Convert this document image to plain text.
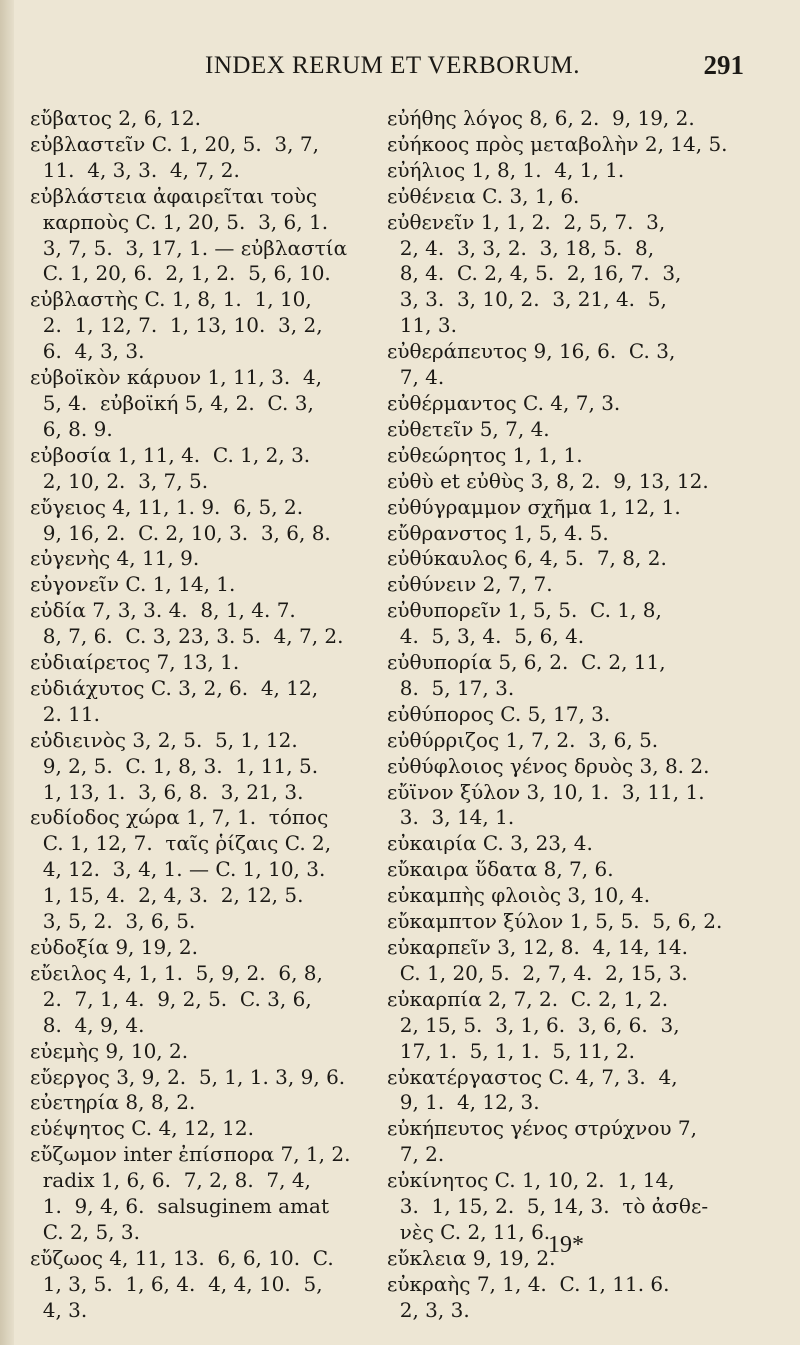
INDEX RERUM ET VERBORUM.	291
εὔβατος 2, 6, 12.
εὐβλαστεῖν C. 1, 20, 5.  3, 7,
11.  4, 3, 3.  4, 7, 2.
εὐβλάστεια ἀφαιρεῖται τοὺς
καρποὺς C. 1, 20, 5.  3, 6, 1.
3, 7, 5.  3, 17, 1. — εὐβλαστία
C. 1, 20, 6.  2, 1, 2.  5, 6, 10.
εὐβλαστὴς C. 1, 8, 1.  1, 10,
2.  1, 12, 7.  1, 13, 10.  3, 2,
6.  4, 3, 3.
εὐβοϊκὸν κάρυον 1, 11, 3.  4,
5, 4.  εὐβοϊκή 5, 4, 2.  C. 3,
6, 8. 9.
εὐβοσία 1, 11, 4.  C. 1, 2, 3.
2, 10, 2.  3, 7, 5.
εὔγειος 4, 11, 1. 9.  6, 5, 2.
9, 16, 2.  C. 2, 10, 3.  3, 6, 8.
εὐγενὴς 4, 11, 9.
εὐγονεῖν C. 1, 14, 1.
εὐδία 7, 3, 3. 4.  8, 1, 4. 7.
8, 7, 6.  C. 3, 23, 3. 5.  4, 7, 2.
εὐδιαίρετος 7, 13, 1.
εὐδιάχυτος C. 3, 2, 6.  4, 12,
2. 11.
εὐδιεινὸς 3, 2, 5.  5, 1, 12.
9, 2, 5.  C. 1, 8, 3.  1, 11, 5.
1, 13, 1.  3, 6, 8.  3, 21, 3.
ευδίοδος χώρα 1, 7, 1.  τόπος
C. 1, 12, 7.  ταῖς ῥίζαις C. 2,
4, 12.  3, 4, 1. — C. 1, 10, 3.
1, 15, 4.  2, 4, 3.  2, 12, 5.
3, 5, 2.  3, 6, 5.
εὐδοξία 9, 19, 2.
εὔειλος 4, 1, 1.  5, 9, 2.  6, 8,
2.  7, 1, 4.  9, 2, 5.  C. 3, 6,
8.  4, 9, 4.
εὐεμὴς 9, 10, 2.
εὔεργος 3, 9, 2.  5, 1, 1. 3, 9, 6.
εὐετηρία 8, 8, 2.
εὐέψητος C. 4, 12, 12.
εὔζωμον inter ἐπίσπορα 7, 1, 2.
radix 1, 6, 6.  7, 2, 8.  7, 4,
1.  9, 4, 6.  salsuginem amat
C. 2, 5, 3.
εὔζωος 4, 11, 13.  6, 6, 10.  C.
1, 3, 5.  1, 6, 4.  4, 4, 10.  5,
4, 3.
εὐήθης λόγος 8, 6, 2.  9, 19, 2.
εὐήκοος πρὸς μεταβολὴν 2, 14, 5.
εὐήλιος 1, 8, 1.  4, 1, 1.
εὐθένεια C. 3, 1, 6.
εὐθενεῖν 1, 1, 2.  2, 5, 7.  3,
2, 4.  3, 3, 2.  3, 18, 5.  8,
8, 4.  C. 2, 4, 5.  2, 16, 7.  3,
3, 3.  3, 10, 2.  3, 21, 4.  5,
11, 3.
εὐθεράπευτος 9, 16, 6.  C. 3,
7, 4.
εὐθέρμαντος C. 4, 7, 3.
εὐθετεῖν 5, 7, 4.
εὐθεώρητος 1, 1, 1.
εὐθὺ et εὐθὺς 3, 8, 2.  9, 13, 12.
εὐθύγραμμον σχῆμα 1, 12, 1.
εὔθρανστος 1, 5, 4. 5.
εὐθύκαυλος 6, 4, 5.  7, 8, 2.
εὐθύνειν 2, 7, 7.
εὐθυπορεῖν 1, 5, 5.  C. 1, 8,
4.  5, 3, 4.  5, 6, 4.
εὐθυπορία 5, 6, 2.  C. 2, 11,
8.  5, 17, 3.
εὐθύπορος C. 5, 17, 3.
εὐθύρριζος 1, 7, 2.  3, 6, 5.
εὐθύφλοιος γένος δρυὸς 3, 8. 2.
εὔϊνον ξύλον 3, 10, 1.  3, 11, 1.
3.  3, 14, 1.
εὐκαιρία C. 3, 23, 4.
εὔκαιρα ὕδατα 8, 7, 6.
εὐκαμπὴς φλοιὸς 3, 10, 4.
εὔκαμπτον ξύλον 1, 5, 5.  5, 6, 2.
εὐκαρπεῖν 3, 12, 8.  4, 14, 14.
C. 1, 20, 5.  2, 7, 4.  2, 15, 3.
εὐκαρπία 2, 7, 2.  C. 2, 1, 2.
2, 15, 5.  3, 1, 6.  3, 6, 6.  3,
17, 1.  5, 1, 1.  5, 11, 2.
εὐκατέργαστος C. 4, 7, 3.  4,
9, 1.  4, 12, 3.
εὐκήπευτος γένος στρύχνου 7,
7, 2.
εὐκίνητος C. 1, 10, 2.  1, 14,
3.  1, 15, 2.  5, 14, 3.  τὸ ἀσθε-
νὲς C. 2, 11, 6.
εὔκλεια 9, 19, 2.
εὐκραὴς 7, 1, 4.  C. 1, 11. 6.
2, 3, 3.
19*
